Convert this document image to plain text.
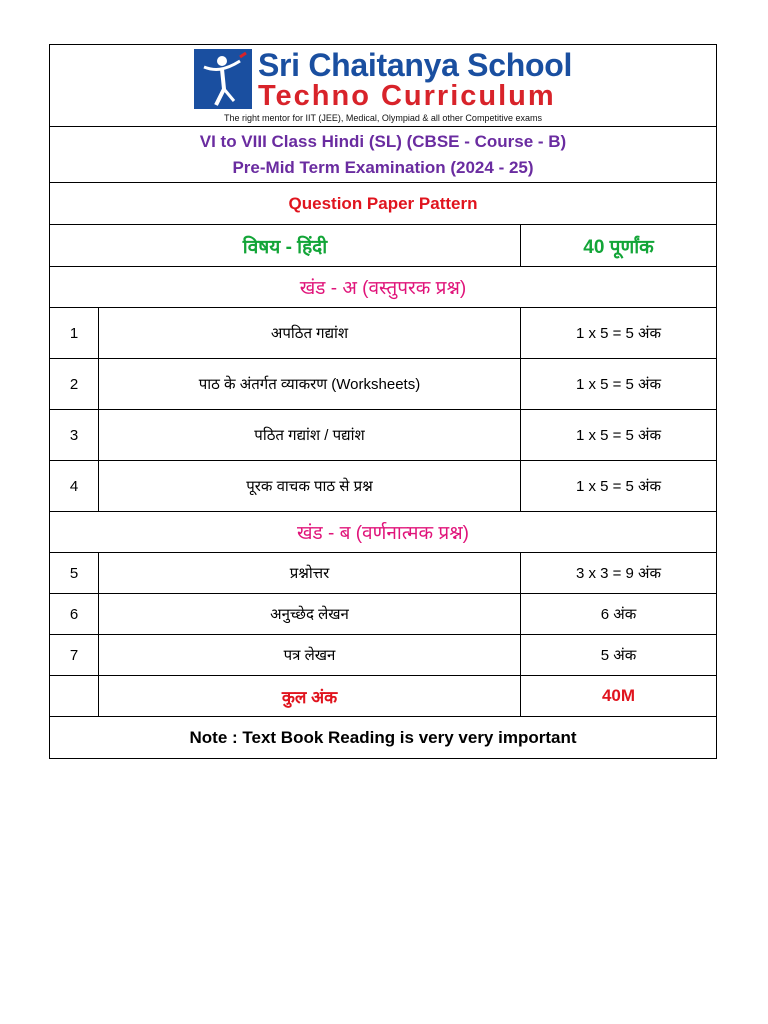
Sri Chaitanya School
Techno Curriculum
The right mentor for IIT (JEE), Medical, Olympiad & all other Competitive exams
VI to VIII Class Hindi (SL) (CBSE - Course - B)
Pre-Mid Term Examination (2024 - 25)
Question Paper Pattern
विषय - हिंदी	40 पूर्णांक
खंड - अ (वस्तुपरक प्रश्न)
1	अपठित गद्यांश	1 x 5 = 5 अंक
2	पाठ के अंतर्गत व्याकरण (Worksheets)	1 x 5 = 5 अंक
3	पठित गद्यांश / पद्यांश	1 x 5 = 5 अंक
4	पूरक वाचक पाठ से प्रश्न	1 x 5 = 5 अंक
खंड - ब (वर्णनात्मक प्रश्न)
5	प्रश्नोत्तर	3 x 3 = 9 अंक
6	अनुच्छेद लेखन	6 अंक
7	पत्र लेखन	5 अंक
कुल अंक	40M
Note : Text Book Reading is very very important
